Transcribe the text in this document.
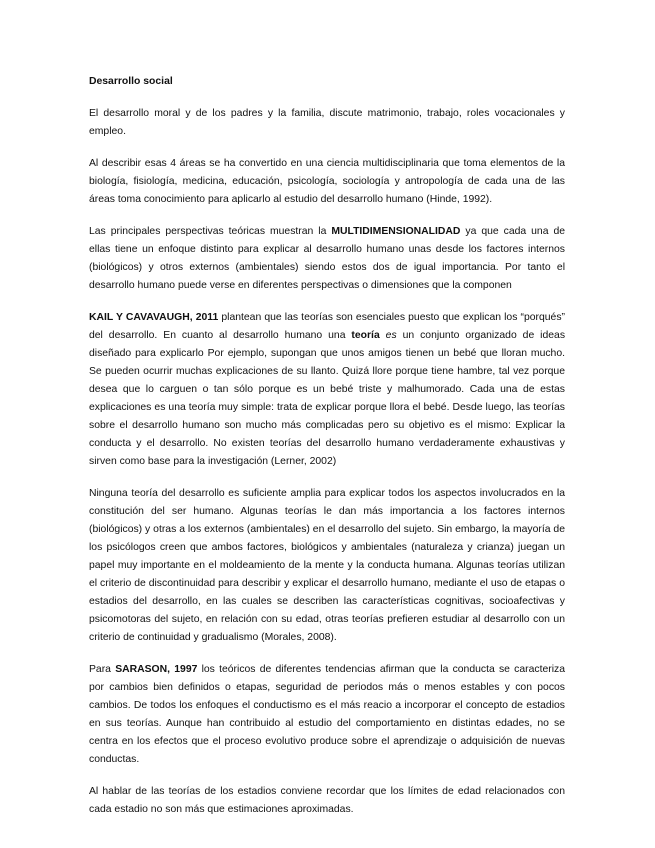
Desarrollo social

El desarrollo moral y de los padres y la familia, discute matrimonio, trabajo, roles vocacionales y empleo.

Al describir esas 4 áreas se ha convertido en una ciencia multidisciplinaria que toma elementos de la biología, fisiología, medicina, educación, psicología, sociología y antropología de cada una de las áreas toma conocimiento para aplicarlo al estudio del desarrollo humano (Hinde, 1992).

Las principales perspectivas teóricas muestran la MULTIDIMENSIONALIDAD ya que cada una de ellas tiene un enfoque distinto para explicar al desarrollo humano unas desde los factores internos (biológicos) y otros externos (ambientales) siendo estos dos de igual importancia. Por tanto el desarrollo humano puede verse en diferentes perspectivas o dimensiones que la componen

KAIL Y CAVAVAUGH, 2011 plantean que las teorías son esenciales puesto que explican los “porqués” del desarrollo. En cuanto al desarrollo humano una teoría es un conjunto organizado de ideas diseñado para explicarlo Por ejemplo, supongan que unos amigos tienen un bebé que lloran mucho. Se pueden ocurrir muchas explicaciones de su llanto. Quizá llore porque tiene hambre, tal vez porque desea que lo carguen o tan sólo porque es un bebé triste y malhumorado. Cada una de estas explicaciones es una teoría muy simple: trata de explicar porque llora el bebé. Desde luego, las teorías sobre el desarrollo humano son mucho más complicadas pero su objetivo es el mismo: Explicar la conducta y el desarrollo. No existen teorías del desarrollo humano verdaderamente exhaustivas y sirven como base para la investigación (Lerner, 2002)

Ninguna teoría del desarrollo es suficiente amplia para explicar todos los aspectos involucrados en la constitución del ser humano. Algunas teorías le dan más importancia a los factores internos (biológicos) y otras a los externos (ambientales) en el desarrollo del sujeto. Sin embargo, la mayoría de los psicólogos creen que ambos factores, biológicos y ambientales (naturaleza y crianza) juegan un papel muy importante en el moldeamiento de la mente y la conducta humana. Algunas teorías utilizan el criterio de discontinuidad para describir y explicar el desarrollo humano, mediante el uso de etapas o estadios del desarrollo, en las cuales se describen las características cognitivas, socioafectivas y psicomotoras del sujeto, en relación con su edad, otras teorías prefieren estudiar al desarrollo con un criterio de continuidad y gradualismo (Morales, 2008).

Para SARASON, 1997 los teóricos de diferentes tendencias afirman que la conducta se caracteriza por cambios bien definidos o etapas, seguridad de periodos más o menos estables y con pocos cambios. De todos los enfoques el conductismo es el más reacio a incorporar el concepto de estadios en sus teorías. Aunque han contribuido al estudio del comportamiento en distintas edades, no se centra en los efectos que el proceso evolutivo produce sobre el aprendizaje o adquisición de nuevas conductas.

Al hablar de las teorías de los estadios conviene recordar que los límites de edad relacionados con cada estadio no son más que estimaciones aproximadas.
